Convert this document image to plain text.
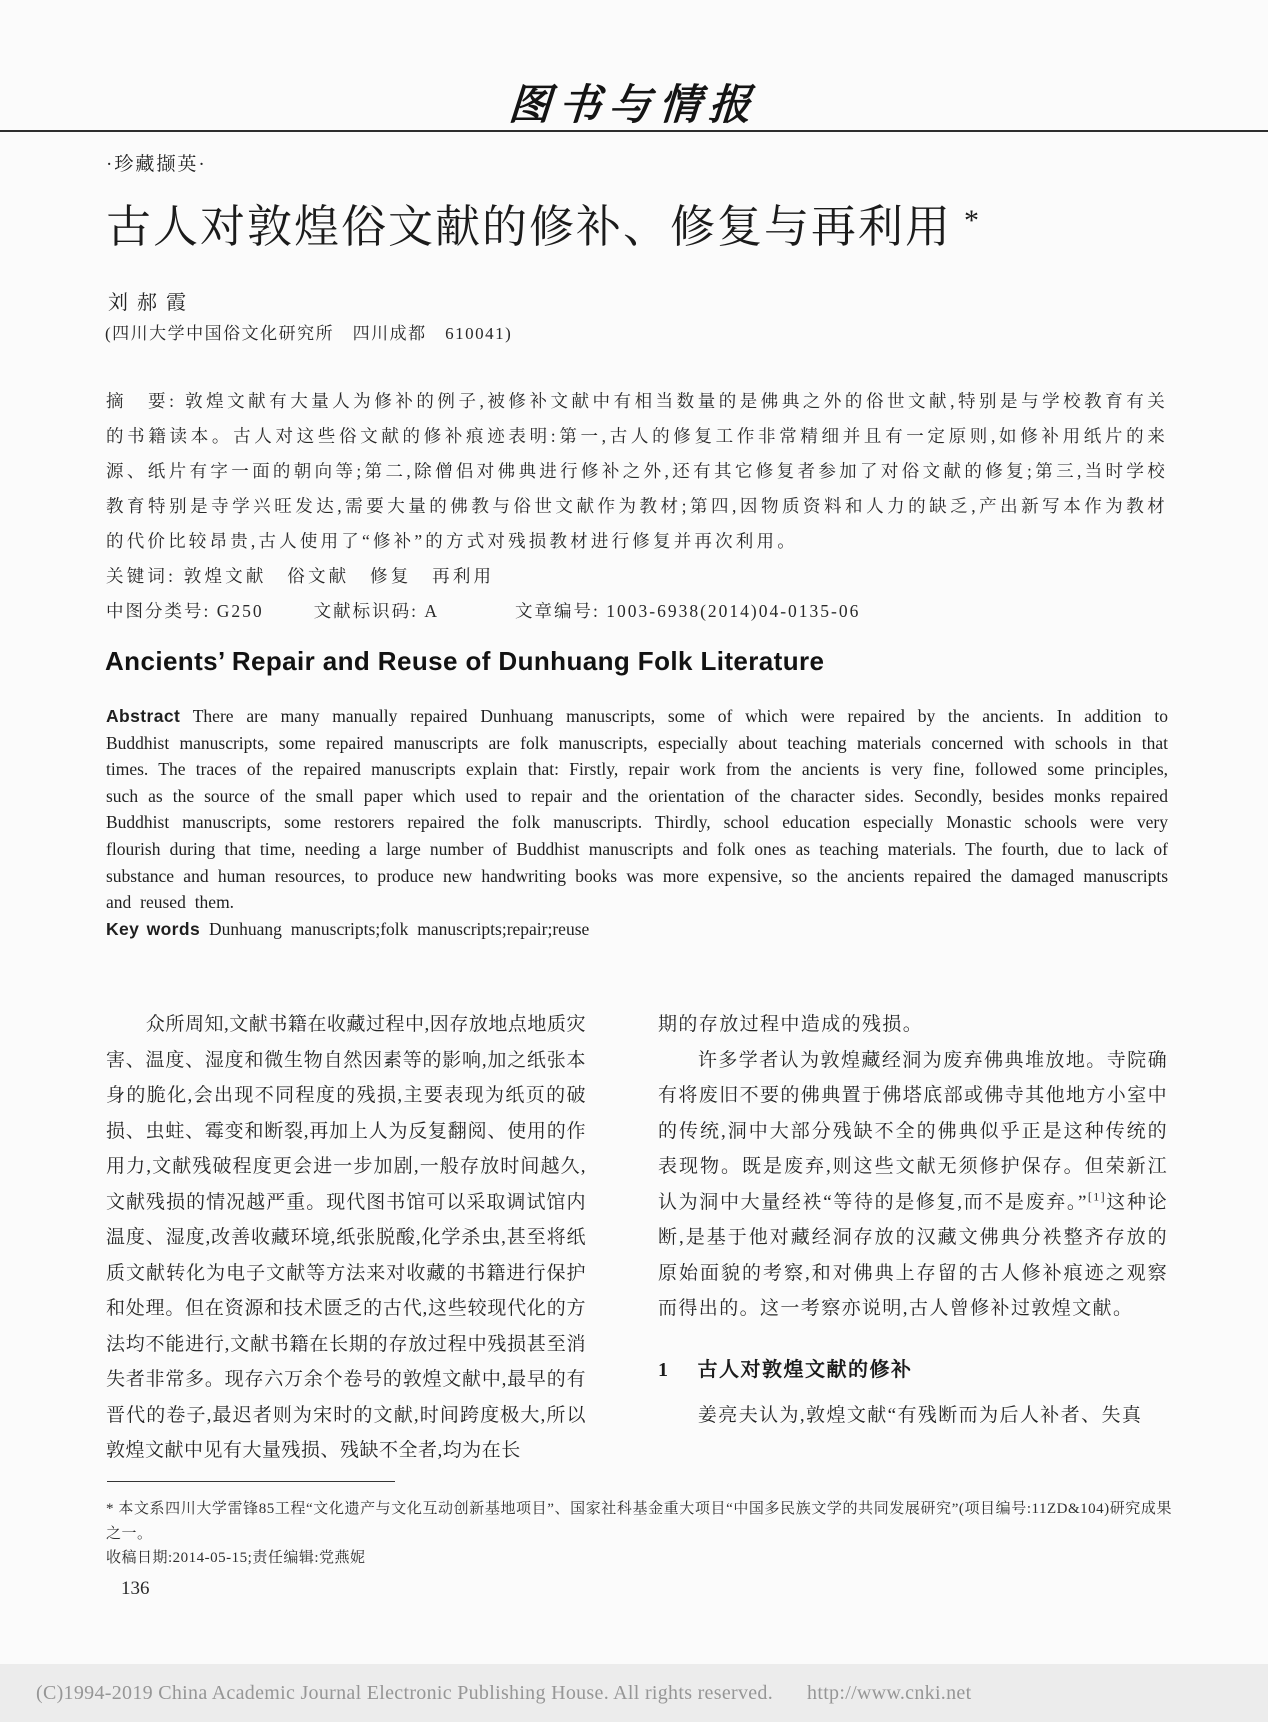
图书与情报
·珍藏撷英·
古人对敦煌俗文献的修补、修复与再利用 *
刘郝霞
(四川大学中国俗文化研究所　四川成都　610041)

摘　要: 敦煌文献有大量人为修补的例子,被修补文献中有相当数量的是佛典之外的俗世文献,特别是与学校教育有关的书籍读本。古人对这些俗文献的修补痕迹表明:第一,古人的修复工作非常精细并且有一定原则,如修补用纸片的来源、纸片有字一面的朝向等;第二,除僧侣对佛典进行修补之外,还有其它修复者参加了对俗文献的修复;第三,当时学校教育特别是寺学兴旺发达,需要大量的佛教与俗世文献作为教材;第四,因物质资料和人力的缺乏,产出新写本作为教材的代价比较昂贵,古人使用了“修补”的方式对残损教材进行修复并再次利用。

关键词: 敦煌文献　俗文献　修复　再利用

中图分类号: G250	文献标识码: A	文章编号: 1003-6938(2014)04-0135-06

Ancients’ Repair and Reuse of Dunhuang Folk Literature

Abstract There are many manually repaired Dunhuang manuscripts, some of which were repaired by the ancients. In addition to Buddhist manuscripts, some repaired manuscripts are folk manuscripts, especially about teaching materials concerned with schools in that times. The traces of the repaired manuscripts explain that: Firstly, repair work from the ancients is very fine, followed some principles, such as the source of the small paper which used to repair and the orientation of the character sides. Secondly, besides monks repaired Buddhist manuscripts, some restorers repaired the folk manuscripts. Thirdly, school education especially Monastic schools were very flourish during that time, needing a large number of Buddhist manuscripts and folk ones as teaching materials. The fourth, due to lack of substance and human resources, to produce new handwriting books was more expensive, so the ancients repaired the damaged manuscripts and reused them.

Key words Dunhuang manuscripts;folk manuscripts;repair;reuse

众所周知,文献书籍在收藏过程中,因存放地点地质灾害、温度、湿度和微生物自然因素等的影响,加之纸张本身的脆化,会出现不同程度的残损,主要表现为纸页的破损、虫蛀、霉变和断裂,再加上人为反复翻阅、使用的作用力,文献残破程度更会进一步加剧,一般存放时间越久,文献残损的情况越严重。现代图书馆可以采取调试馆内温度、湿度,改善收藏环境,纸张脱酸,化学杀虫,甚至将纸质文献转化为电子文献等方法来对收藏的书籍进行保护和处理。但在资源和技术匮乏的古代,这些较现代化的方法均不能进行,文献书籍在长期的存放过程中残损甚至消失者非常多。现存六万余个卷号的敦煌文献中,最早的有晋代的卷子,最迟者则为宋时的文献,时间跨度极大,所以敦煌文献中见有大量残损、残缺不全者,均为在长

期的存放过程中造成的残损。

许多学者认为敦煌藏经洞为废弃佛典堆放地。寺院确有将废旧不要的佛典置于佛塔底部或佛寺其他地方小室中的传统,洞中大部分残缺不全的佛典似乎正是这种传统的表现物。既是废弃,则这些文献无须修护保存。但荣新江认为洞中大量经袟“等待的是修复,而不是废弃。”[1]这种论断,是基于他对藏经洞存放的汉藏文佛典分袟整齐存放的原始面貌的考察,和对佛典上存留的古人修补痕迹之观察而得出的。这一考察亦说明,古人曾修补过敦煌文献。

1 古人对敦煌文献的修补

姜亮夫认为,敦煌文献“有残断而为后人补者、失真

* 本文系四川大学雷锋85工程“文化遗产与文化互动创新基地项目”、国家社科基金重大项目“中国多民族文学的共同发展研究”(项目编号:11ZD&104)研究成果之一。

收稿日期:2014-05-15;责任编辑:党燕妮

136
(C)1994-2019 China Academic Journal Electronic Publishing House. All rights reserved. http://www.cnki.net
